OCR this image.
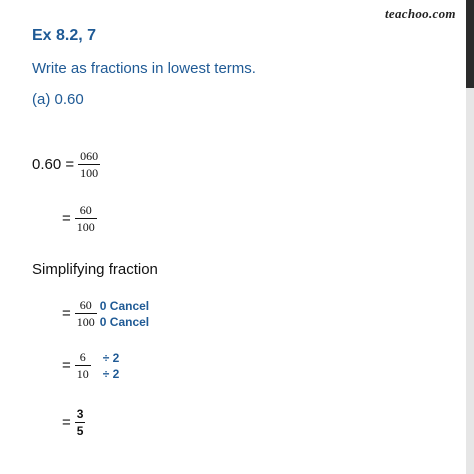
teachoo.com
Ex 8.2, 7
Write as fractions in lowest terms.
(a) 0.60
$0.60 = \frac{060}{100}$
= $\frac{60}{100}$
Simplifying fraction
= $\frac{60}{100} 0$ Cancel
0 Cancel
= $\frac{6}{10} \div 2$
÷ 2
= $\frac{3}{5}$
